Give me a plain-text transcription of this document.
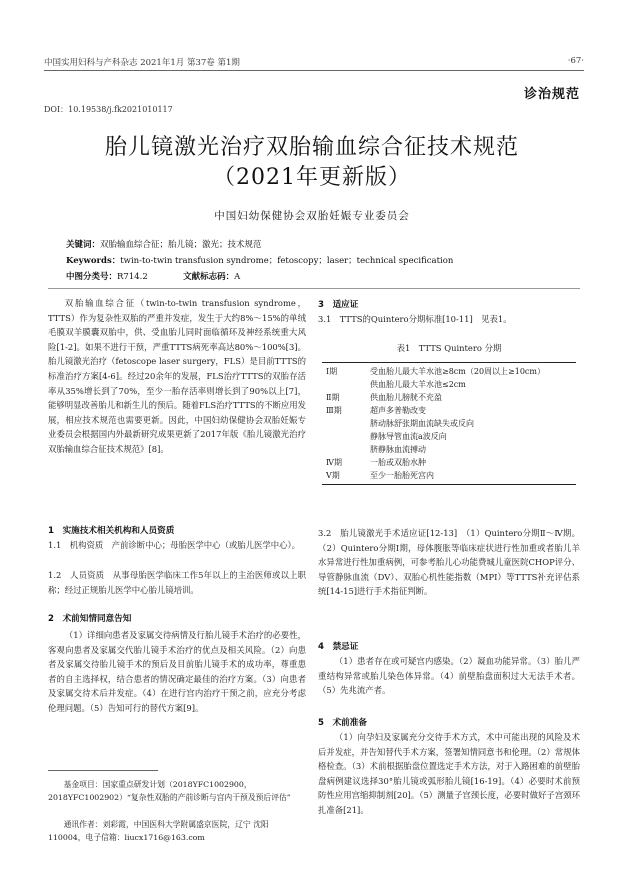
中国实用妇科与产科杂志 2021年1月 第37卷 第1期	·67·
诊治规范
DOI：10.19538/j.fk2021010117
胎儿镜激光治疗双胎输血综合征技术规范
（2021年更新版）
中国妇幼保健协会双胎妊娠专业委员会
关键词：双胎输血综合征；胎儿镜；激光；技术规范
Keywords：twin-to-twin transfusion syndrome；fetoscopy；laser；technical specification
中图分类号：R714.2	文献标志码：A
双胎输血综合征（twin-to-twin transfusion syndrome，TTTS）作为复杂性双胎的严重并发症，发生于大约8%～15%的单绒毛膜双羊膜囊双胎中，供、受血胎儿同时面临循环及神经系统重大风险[1-2]。如果不进行干预，严重TTTS病死率高达80%～100%[3]。胎儿镜激光治疗（fetoscope laser surgery，FLS）是目前TTTS的标准治疗方案[4-6]。经过20余年的发展，FLS治疗TTTS的双胎存活率从35%增长到了70%，至少一胎存活率则增长到了90%以上[7]，能够明显改善胎儿和新生儿的预后。随着FLS治疗TTTS的不断应用发展，相应技术规范也需要更新。因此，中国妇幼保健协会双胎妊娠专业委员会根据国内外最新研究成果更新了2017年版《胎儿镜激光治疗双胎输血综合征技术规范》[8]。
1　实施技术相关机构和人员资质
1.1　机构资质　产前诊断中心；母胎医学中心（或胎儿医学中心）。
1.2　人员资质　从事母胎医学临床工作5年以上的主治医师或以上职称；经过正规胎儿医学中心胎儿镜培训。
2　术前知情同意告知
（1）详细向患者及家属交待病情及行胎儿镜手术治疗的必要性，客观向患者及家属交代胎儿镜手术治疗的优点及相关风险。（2）向患者及家属交待胎儿镜手术的预后及目前胎儿镜手术的成功率，尊重患者的自主选择权，结合患者的情况确定最佳的治疗方案。（3）向患者及家属交待术后并发症。（4）在进行宫内治疗干预之前，应充分考虑伦理问题。（5）告知可行的替代方案[9]。
基金项目：国家重点研发计划（2018YFC1002900，2018YFC1002902）“复杂性双胎的产前诊断与宫内干预及预后评估”
通讯作者：刘彩霞，中国医科大学附属盛京医院，辽宁 沈阳 110004，电子信箱：liucx1716@163.com
3　适应证
3.1　TTTS的Quintero分期标准[10-11]　见表1。
表1　TTTS Quintero 分期
Ⅰ期	受血胎儿最大羊水池≥8cm（20周以上≥10cm）
	供血胎儿最大羊水池≤2cm
Ⅱ期	供血胎儿膀胱不充盈
Ⅲ期	超声多普勒改变
	脐动脉舒张期血流缺失或反向
	静脉导管血流a波反向
	脐静脉血流搏动
Ⅳ期	一胎或双胎水肿
Ⅴ期	至少一胎胎死宫内
3.2　胎儿镜激光手术适应证[12-13]　（1）Quintero分期Ⅱ～Ⅳ期。（2）Quintero分期Ⅰ期，母体腹胀等临床症状进行性加重或者胎儿羊水异常进行性加重病例，可参考胎儿心功能费城儿童医院CHOP评分、导管静脉血流（DV）、双胎心机性能指数（MPI）等TTTS补充评估系统[14-15]进行手术指征判断。
4　禁忌证
（1）患者存在或可疑宫内感染。（2）凝血功能异常。（3）胎儿严重结构异常或胎儿染色体异常。（4）前壁胎盘面积过大无法手术者。（5）先兆流产者。
5　术前准备
（1）向孕妇及家属充分交待手术方式，术中可能出现的风险及术后并发症，并告知替代手术方案，签署知情同意书和伦理。（2）常规体格检查。（3）术前根据胎盘位置选定手术方法，对于入路困难的前壁胎盘病例建议选择30°胎儿镜或弧形胎儿镜[16-19]。（4）必要时术前预防性应用宫缩抑制剂[20]。（5）测量子宫颈长度，必要时做好子宫颈环扎准备[21]。
